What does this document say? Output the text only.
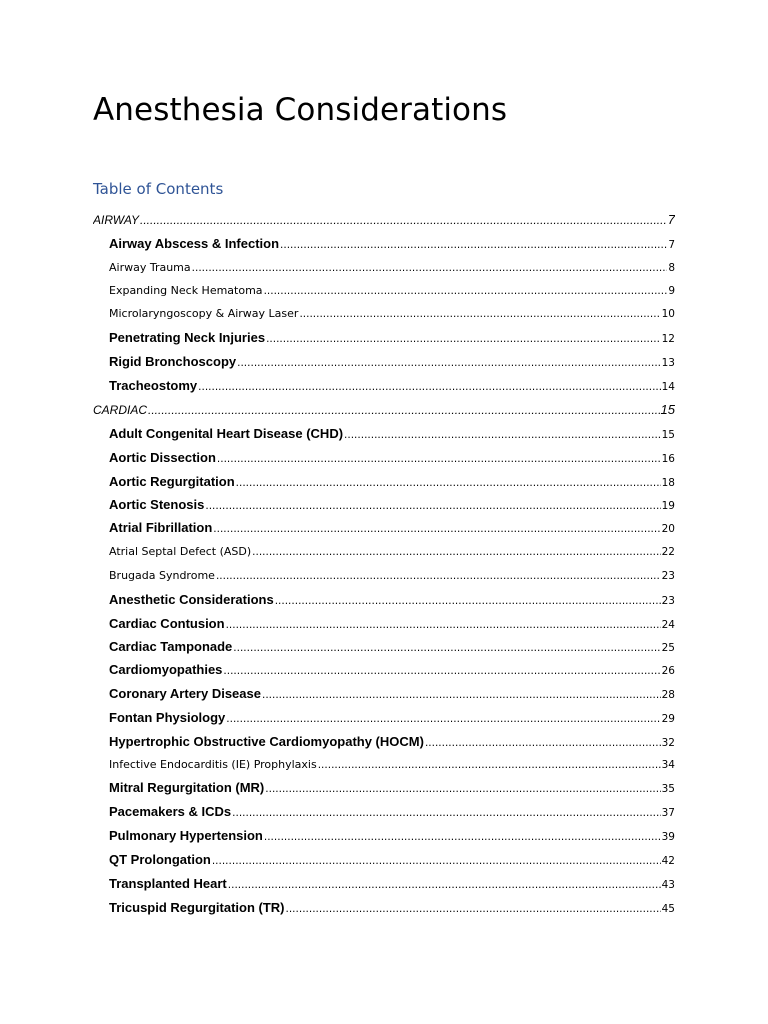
Anesthesia Considerations
Table of Contents
AIRWAY .....	7
Airway Abscess & Infection .....	7
Airway Trauma .....	8
Expanding Neck Hematoma .....	9
Microlaryngoscopy & Airway Laser .....	10
Penetrating Neck Injuries .....	12
Rigid Bronchoscopy .....	13
Tracheostomy .....	14
CARDIAC .....	15
Adult Congenital Heart Disease (CHD) .....	15
Aortic Dissection .....	16
Aortic Regurgitation .....	18
Aortic Stenosis .....	19
Atrial Fibrillation .....	20
Atrial Septal Defect (ASD) .....	22
Brugada Syndrome .....	23
Anesthetic Considerations .....	23
Cardiac Contusion .....	24
Cardiac Tamponade .....	25
Cardiomyopathies .....	26
Coronary Artery Disease .....	28
Fontan Physiology .....	29
Hypertrophic Obstructive Cardiomyopathy (HOCM) .....	32
Infective Endocarditis (IE) Prophylaxis .....	34
Mitral Regurgitation (MR) .....	35
Pacemakers & ICDs .....	37
Pulmonary Hypertension .....	39
QT Prolongation .....	42
Transplanted Heart .....	43
Tricuspid Regurgitation (TR) .....	45
